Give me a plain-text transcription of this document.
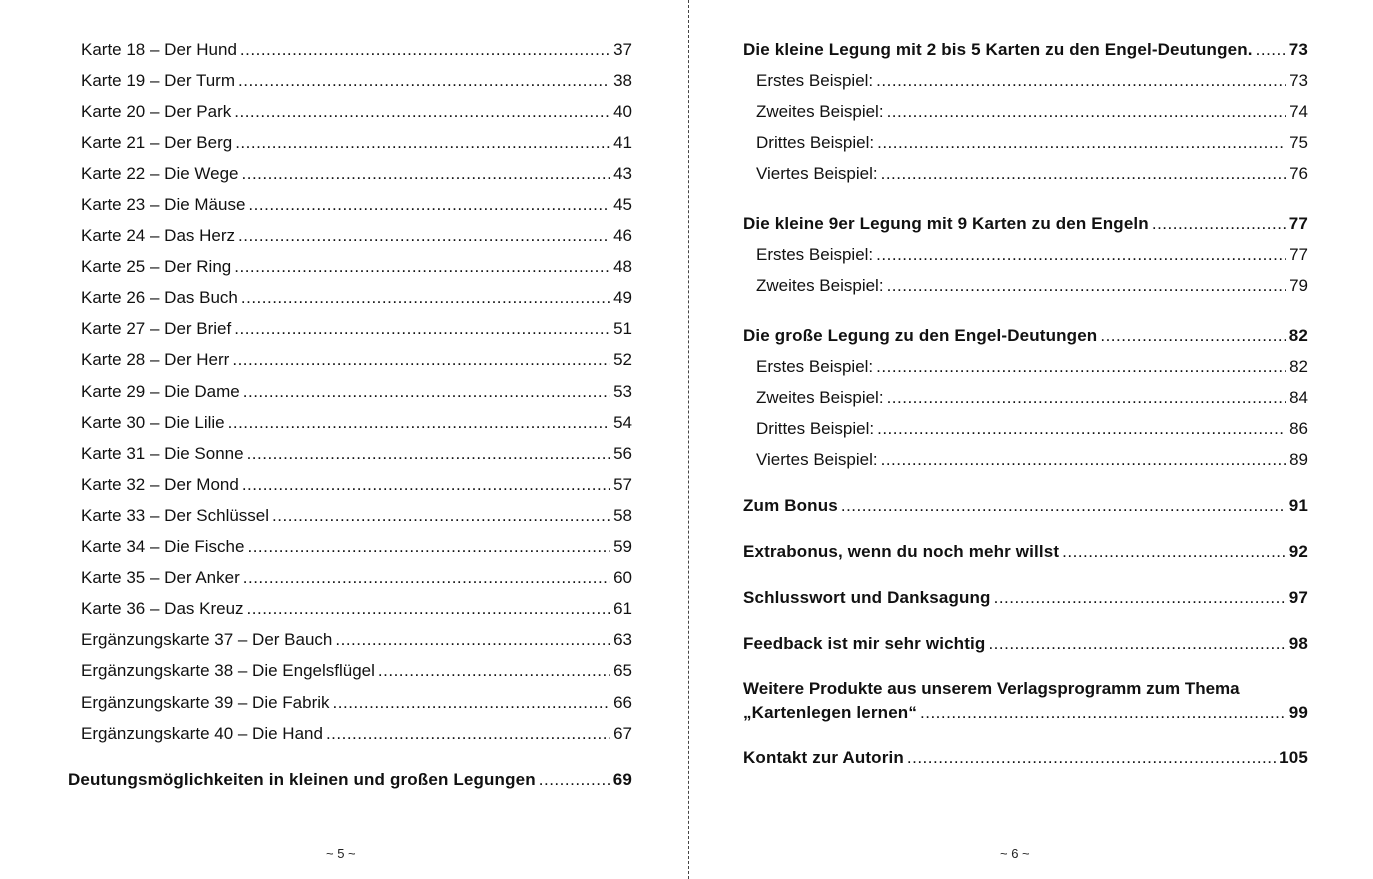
Karte 18 – Der Hund .....	37
Karte 19 – Der Turm .....	38
Karte 20 – Der Park .....	40
Karte 21 – Der Berg .....	41
Karte 22 – Die Wege .....	43
Karte 23 – Die Mäuse .....	45
Karte 24 – Das Herz .....	46
Karte 25 – Der Ring .....	48
Karte 26 – Das Buch .....	49
Karte 27 – Der Brief .....	51
Karte 28 – Der Herr .....	52
Karte 29 – Die Dame .....	53
Karte 30 – Die Lilie .....	54
Karte 31 – Die Sonne .....	56
Karte 32 – Der Mond .....	57
Karte 33 – Der Schlüssel .....	58
Karte 34 – Die Fische .....	59
Karte 35 – Der Anker .....	60
Karte 36 – Das Kreuz .....	61
Ergänzungskarte 37 – Der Bauch .....	63
Ergänzungskarte 38 – Die Engelsflügel .....	65
Ergänzungskarte 39 – Die Fabrik .....	66
Ergänzungskarte 40 – Die Hand .....	67
Deutungsmöglichkeiten in kleinen und großen Legungen .....	69
~ 5 ~
Die kleine Legung mit 2 bis 5 Karten zu den Engel-Deutungen. ..... 73
Erstes Beispiel: .....	73
Zweites Beispiel: .....	74
Drittes Beispiel: .....	75
Viertes Beispiel: .....	76
Die kleine 9er Legung mit 9 Karten zu den Engeln .....	77
Erstes Beispiel: .....	77
Zweites Beispiel: .....	79
Die große Legung zu den Engel-Deutungen .....	82
Erstes Beispiel: .....	82
Zweites Beispiel: .....	84
Drittes Beispiel: .....	86
Viertes Beispiel: .....	89
Zum Bonus .....	91
Extrabonus, wenn du noch mehr willst .....	92
Schlusswort und Danksagung .....	97
Feedback ist mir sehr wichtig .....	98
Weitere Produkte aus unserem Verlagsprogramm zum Thema
„Kartenlegen lernen“ .....	99
Kontakt zur Autorin .....	105
~ 6 ~
